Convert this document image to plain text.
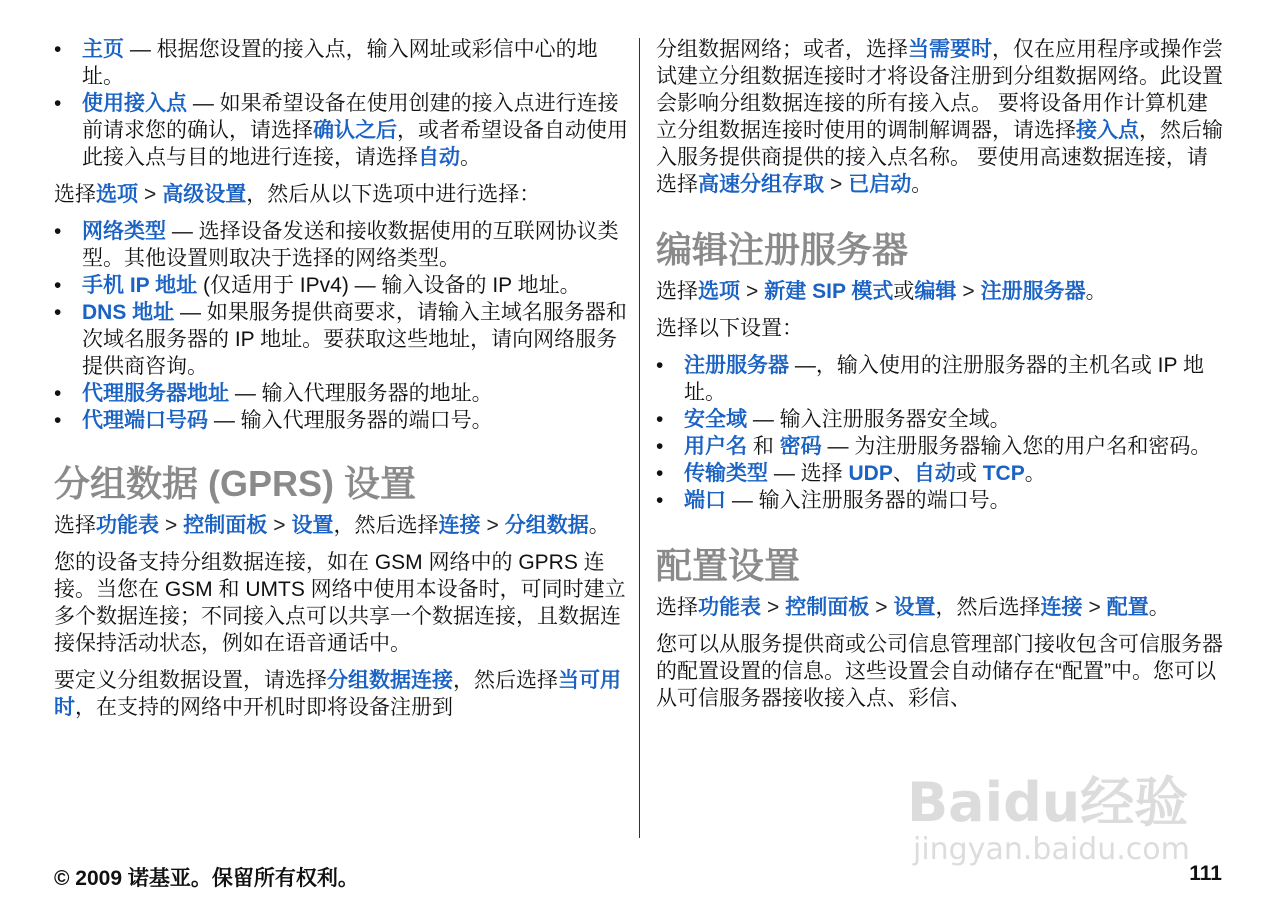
• 主页 — 根据您设置的接入点，输入网址或彩信中心的地址。
• 使用接入点 — 如果希望设备在使用创建的接入点进行连接前请求您的确认，请选择确认之后，或者希望设备自动使用此接入点与目的地进行连接，请选择自动。

选择选项 > 高级设置，然后从以下选项中进行选择：

• 网络类型 — 选择设备发送和接收数据使用的互联网协议类型。其他设置则取决于选择的网络类型。
• 手机 IP 地址 (仅适用于 IPv4) — 输入设备的 IP 地址。
• DNS 地址 — 如果服务提供商要求，请输入主域名服务器和次域名服务器的 IP 地址。要获取这些地址，请向网络服务提供商咨询。
• 代理服务器地址 — 输入代理服务器的地址。
• 代理端口号码 — 输入代理服务器的端口号。
分组数据 (GPRS) 设置

选择功能表 > 控制面板 > 设置，然后选择连接 > 分组数据。

您的设备支持分组数据连接，如在 GSM 网络中的 GPRS 连接。当您在 GSM 和 UMTS 网络中使用本设备时，可同时建立多个数据连接；不同接入点可以共享一个数据连接，且数据连接保持活动状态，例如在语音通话中。

要定义分组数据设置，请选择分组数据连接，然后选择当可用时，在支持的网络中开机时即将设备注册到

分组数据网络；或者，选择当需要时，仅在应用程序或操作尝试建立分组数据连接时才将设备注册到分组数据网络。此设置会影响分组数据连接的所有接入点。 要将设备用作计算机建立分组数据连接时使用的调制解调器，请选择接入点，然后输入服务提供商提供的接入点名称。 要使用高速数据连接，请选择高速分组存取 > 已启动。

编辑注册服务器

选择选项 > 新建 SIP 模式或编辑 > 注册服务器。

选择以下设置：

• 注册服务器 —，输入使用的注册服务器的主机名或 IP 地址。
• 安全域 — 输入注册服务器安全域。
• 用户名 和 密码 — 为注册服务器输入您的用户名和密码。
• 传输类型 — 选择 UDP、自动或 TCP。
• 端口 — 输入注册服务器的端口号。
配置设置

选择功能表 > 控制面板 > 设置，然后选择连接 > 配置。

您可以从服务提供商或公司信息管理部门接收包含可信服务器的配置设置的信息。这些设置会自动储存在“配置”中。您可以从可信服务器接收接入点、彩信、

Baidu经验
jingyan.baidu.com
© 2009 诺基亚。保留所有权利。	111
